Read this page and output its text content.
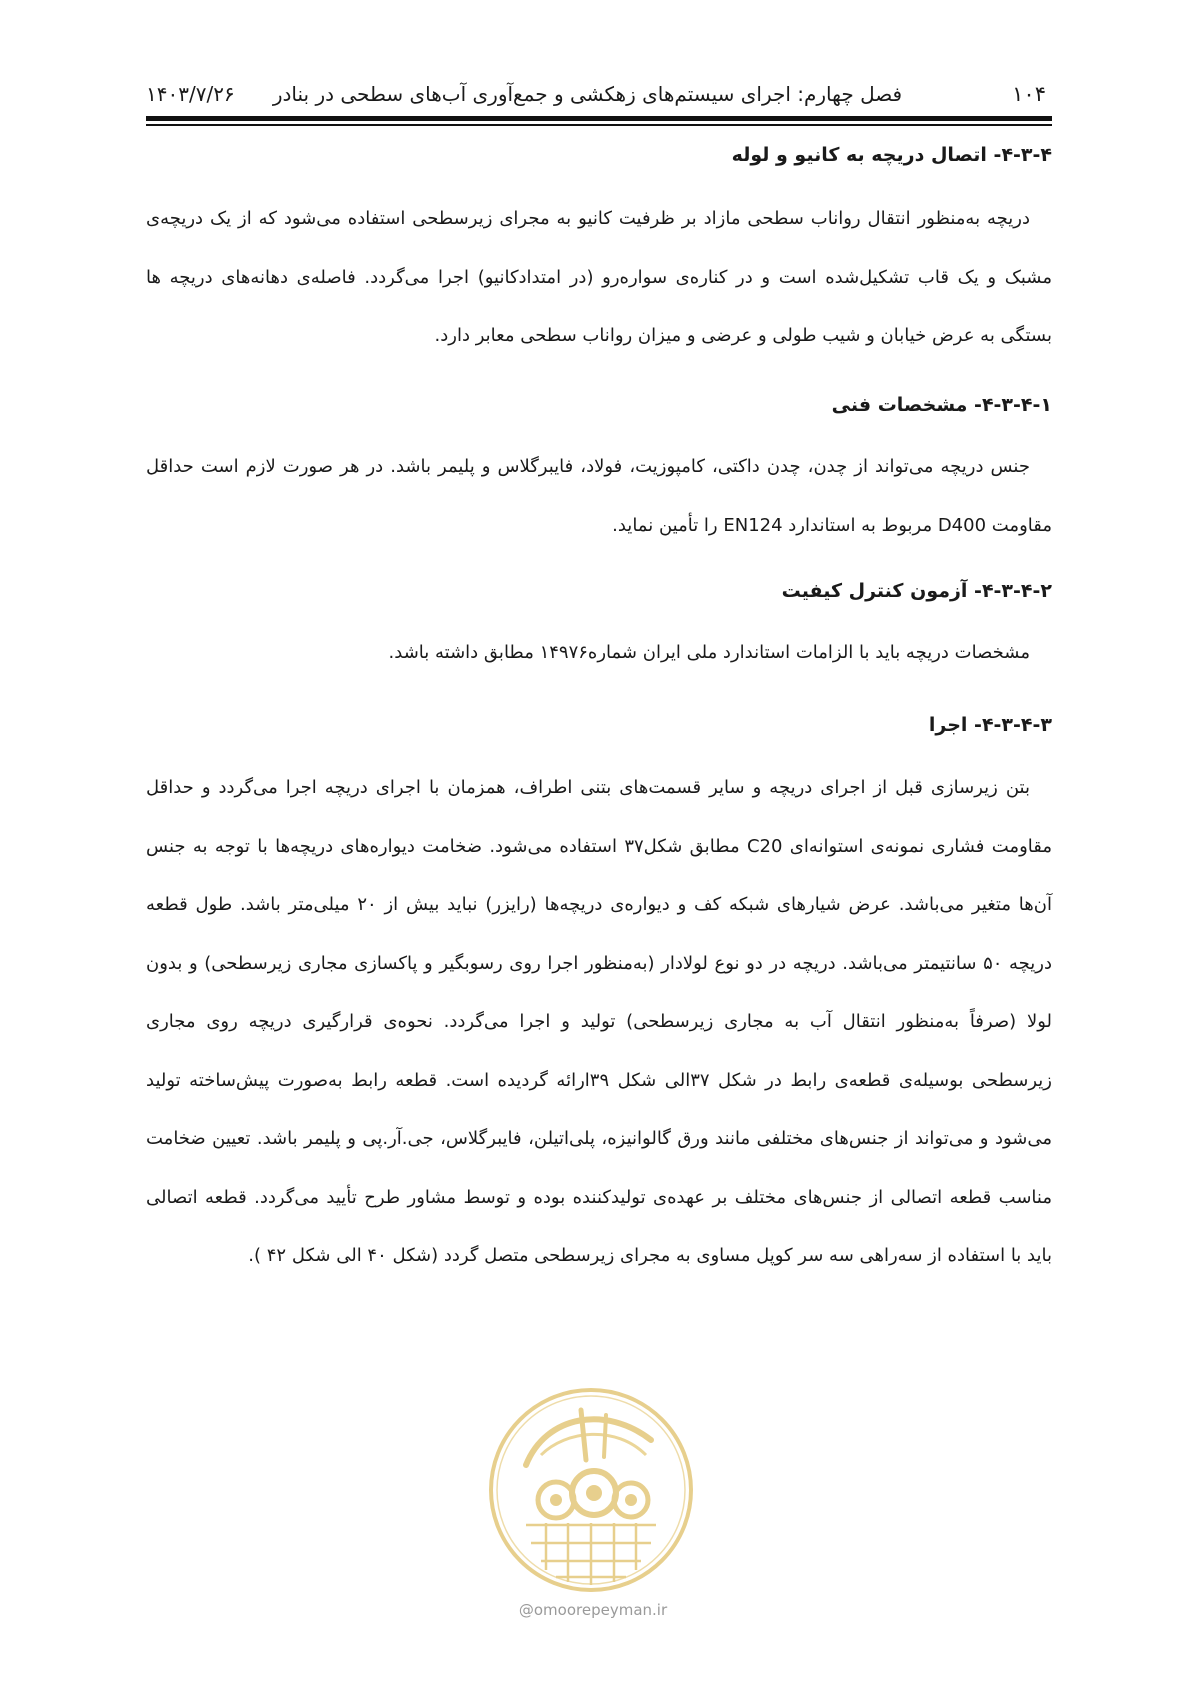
۱۰۴
فصل چهارم: اجرای سیستم‌های زهکشی و جمع‌آوری آب‌های سطحی در بنادر      ۱۴۰۳/۷/۲۶
۴-۳-۴- اتصال دریچه به کانیو و لوله

دریچه به‌منظور انتقال رواناب سطحی مازاد بر ظرفیت کانیو به مجرای زیرسطحی استفاده می‌شود که از یک دریچه‌ی مشبک و یک قاب تشکیل‌شده است و در کناره‌ی سواره‌رو (در امتدادکانیو) اجرا می‌گردد. فاصله‌ی دهانه‌های دریچه ها بستگی به عرض خیابان و شیب طولی و عرضی و میزان رواناب سطحی معابر دارد.

۴-۳-۴-۱- مشخصات فنی

جنس دریچه می‌تواند از چدن، چدن داکتی، کامپوزیت، فولاد، فایبرگلاس و پلیمر باشد. در هر صورت لازم است حداقل مقاومت D400 مربوط به استاندارد EN124 را تأمین نماید.

۴-۳-۴-۲- آزمون کنترل کیفیت

مشخصات دریچه باید با الزامات استاندارد ملی ایران شماره۱۴۹۷۶ مطابق داشته باشد.

۴-۳-۴-۳- اجرا

بتن زیرسازی قبل از اجرای دریچه و سایر قسمت‌های بتنی اطراف، همزمان با اجرای دریچه اجرا می‌گردد و حداقل مقاومت فشاری نمونه‌ی استوانه‌ای C20 مطابق شکل۳۷ استفاده می‌شود. ضخامت دیواره‌های دریچه‌ها با توجه به جنس آن‌ها متغیر می‌باشد. عرض شیارهای شبکه کف و دیواره‌ی دریچه‌ها (رایزر) نباید بیش از ۲۰ میلی‌متر باشد. طول قطعه دریچه ۵۰ سانتیمتر می‌باشد. دریچه در دو نوع لولادار (به‌منظور اجرا روی رسوبگیر و پاکسازی مجاری زیرسطحی) و بدون لولا (صرفاً به‌منظور انتقال آب به مجاری زیرسطحی) تولید و اجرا می‌گردد. نحوه‌ی قرارگیری دریچه روی مجاری زیرسطحی بوسیله‌ی قطعه‌ی رابط در شکل ۳۷الی شکل ۳۹ارائه گردیده است. قطعه رابط به‌صورت پیش‌ساخته تولید می‌شود و می‌تواند از جنس‌های مختلفی مانند ورق گالوانیزه، پلی‌اتیلن، فایبرگلاس، جی.آر.پی و پلیمر باشد. تعیین ضخامت مناسب قطعه اتصالی از جنس‌های مختلف بر عهده‌ی تولیدکننده بوده و توسط مشاور طرح تأیید می‌گردد. قطعه اتصالی باید با استفاده از سه‌راهی سه سر کوپل مساوی به مجرای زیرسطحی متصل گردد (شکل ۴۰ الی شکل ۴۲ ).

@omoorepeyman.ir
